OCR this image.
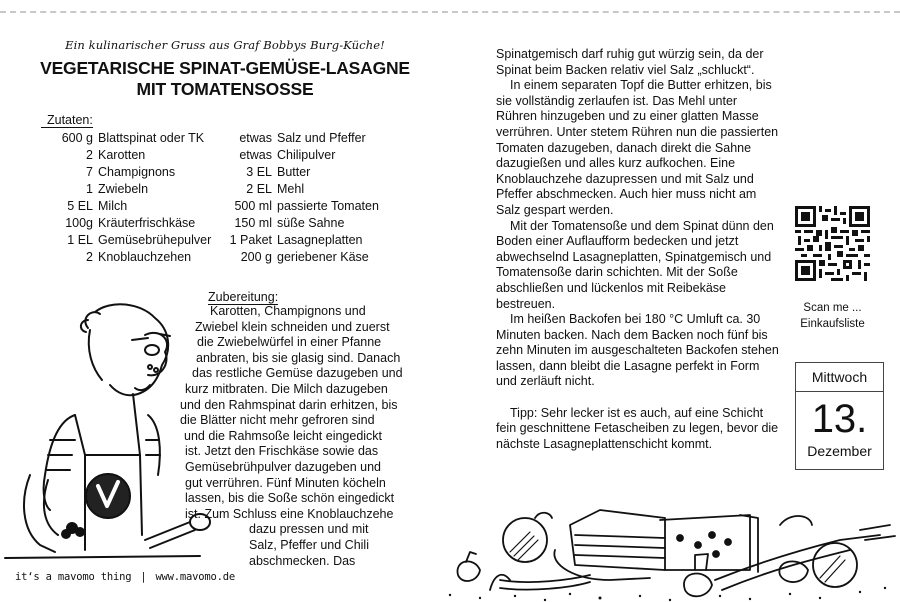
Ein kulinarischer Gruss aus Graf Bobbys Burg-Küche!
VEGETARISCHE SPINAT-GEMÜSE-LASAGNE
MIT TOMATENSOSSE
Zutaten:
600 g Blattspinat oder TK
2 Karotten
7 Champignons
1 Zwiebeln
5 EL Milch
100g Kräuterfrischkäse
1 EL Gemüsebrühepulver
2 Knoblauchzehen
etwas Salz und Pfeffer
etwas Chilipulver
3 EL Butter
2 EL Mehl
500 ml passierte Tomaten
150 ml süße Sahne
1 Paket Lasagneplatten
200 g geriebener Käse
Zubereitung:
Karotten, Champignons und
Zwiebel klein schneiden und zuerst
die Zwiebelwürfel in einer Pfanne
anbraten, bis sie glasig sind. Danach
das restliche Gemüse dazugeben und
kurz mitbraten. Die Milch dazugeben
und den Rahmspinat darin erhitzen, bis
die Blätter nicht mehr gefroren sind
und die Rahmsoße leicht eingedickt
ist. Jetzt den Frischkäse sowie das
Gemüsebrühpulver dazugeben und
gut verrühren. Fünf Minuten köcheln
lassen, bis die Soße schön eingedickt
ist. Zum Schluss eine Knoblauchzehe
dazu pressen und mit
Salz, Pfeffer und Chili
abschmecken. Das
it‘s a mavomo thing | www.mavomo.de

Spinatgemisch darf ruhig gut würzig sein, da der Spinat beim Backen relativ viel Salz „schluckt“.

In einem separaten Topf die Butter erhitzen, bis sie vollständig zerlaufen ist. Das Mehl unter Rühren hinzugeben und zu einer glatten Masse verrühren. Unter stetem Rühren nun die passierten Tomaten dazugeben, danach direkt die Sahne dazugießen und alles kurz aufkochen. Eine Knoblauchzehe dazupressen und mit Salz und Pfeffer abschmecken. Auch hier muss nicht am Salz gespart werden.

Mit der Tomatensoße und dem Spinat dünn den Boden einer Auflaufform bedecken und jetzt abwechselnd Lasagneplatten, Spinatgemisch und Tomatensoße darin schichten. Mit der Soße abschließen und lückenlos mit Reibekäse bestreuen.

Im heißen Backofen bei 180 °C Umluft ca. 30 Minuten backen. Nach dem Backen noch fünf bis zehn Minuten im ausgeschalteten Backofen stehen lassen, dann bleibt die Lasagne perfekt in Form und zerläuft nicht.

Tipp: Sehr lecker ist es auch, auf eine Schicht fein geschnittene Fetascheiben zu legen, bevor die nächste Lasagneplattenschicht kommt.

Scan me ...
Einkaufsliste
Mittwoch
13.
Dezember
